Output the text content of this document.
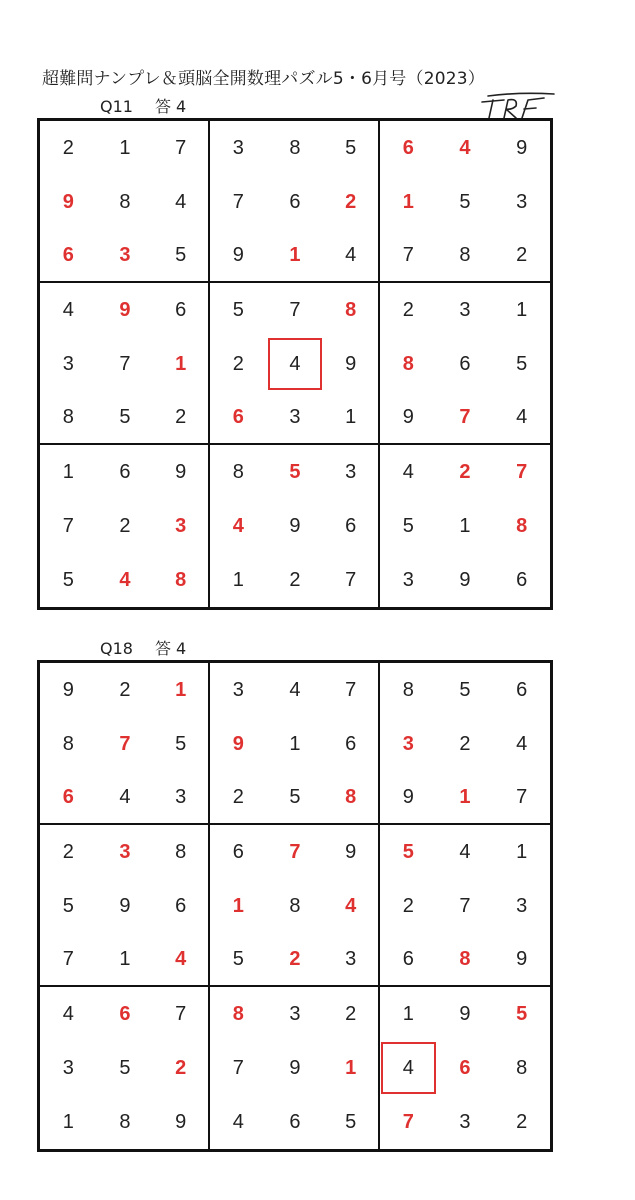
超難問ナンプレ＆頭脳全開数理パズル5・6月号（2023）
Q11 答 4
2	1	7	3	8	5	6	4	9
9	8	4	7	6	2	1	5	3
6	3	5	9	1	4	7	8	2
4	9	6	5	7	8	2	3	1
3	7	1	2	4	9	8	6	5
8	5	2	6	3	1	9	7	4
1	6	9	8	5	3	4	2	7
7	2	3	4	9	6	5	1	8
5	4	8	1	2	7	3	9	6
Q18 答 4
9	2	1	3	4	7	8	5	6
8	7	5	9	1	6	3	2	4
6	4	3	2	5	8	9	1	7
2	3	8	6	7	9	5	4	1
5	9	6	1	8	4	2	7	3
7	1	4	5	2	3	6	8	9
4	6	7	8	3	2	1	9	5
3	5	2	7	9	1	4	6	8
1	8	9	4	6	5	7	3	2
